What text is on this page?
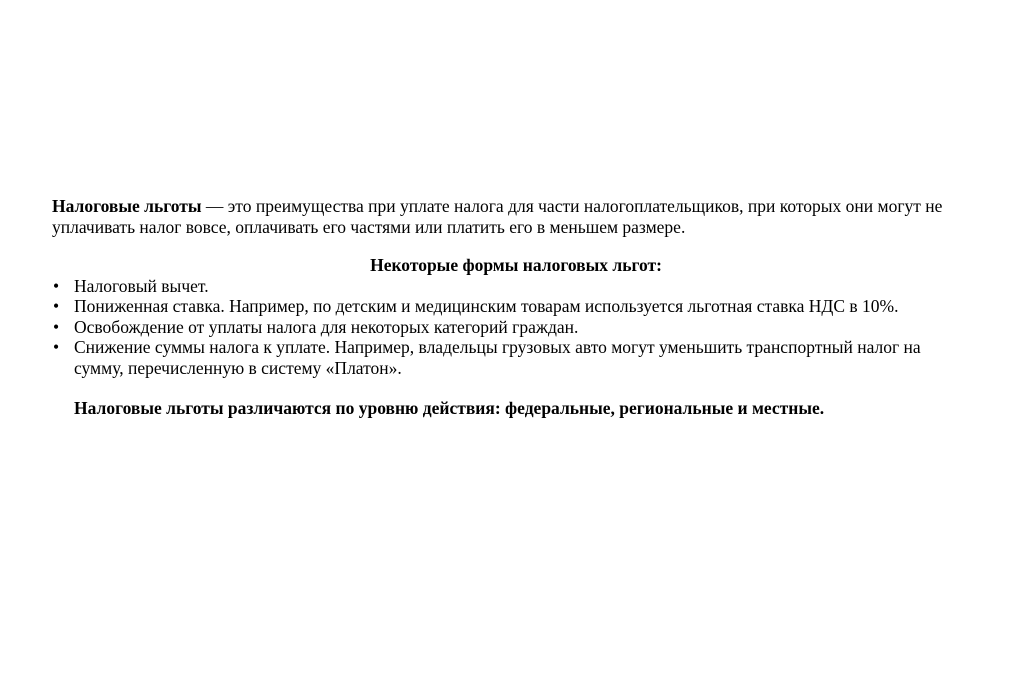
Налоговые льготы — это преимущества при уплате налога для части налогоплательщиков, при которых они могут не уплачивать налог вовсе, оплачивать его частями или платить его в меньшем размере.

Некоторые формы налоговых льгот:
• Налоговый вычет.
• Пониженная ставка. Например, по детским и медицинским товарам используется льготная ставка НДС в 10%.
• Освобождение от уплаты налога для некоторых категорий граждан.
• Снижение суммы налога к уплате. Например, владельцы грузовых авто могут уменьшить транспортный налог на сумму, перечисленную в систему «Платон».

Налоговые льготы различаются по уровню действия: федеральные, региональные и местные.
